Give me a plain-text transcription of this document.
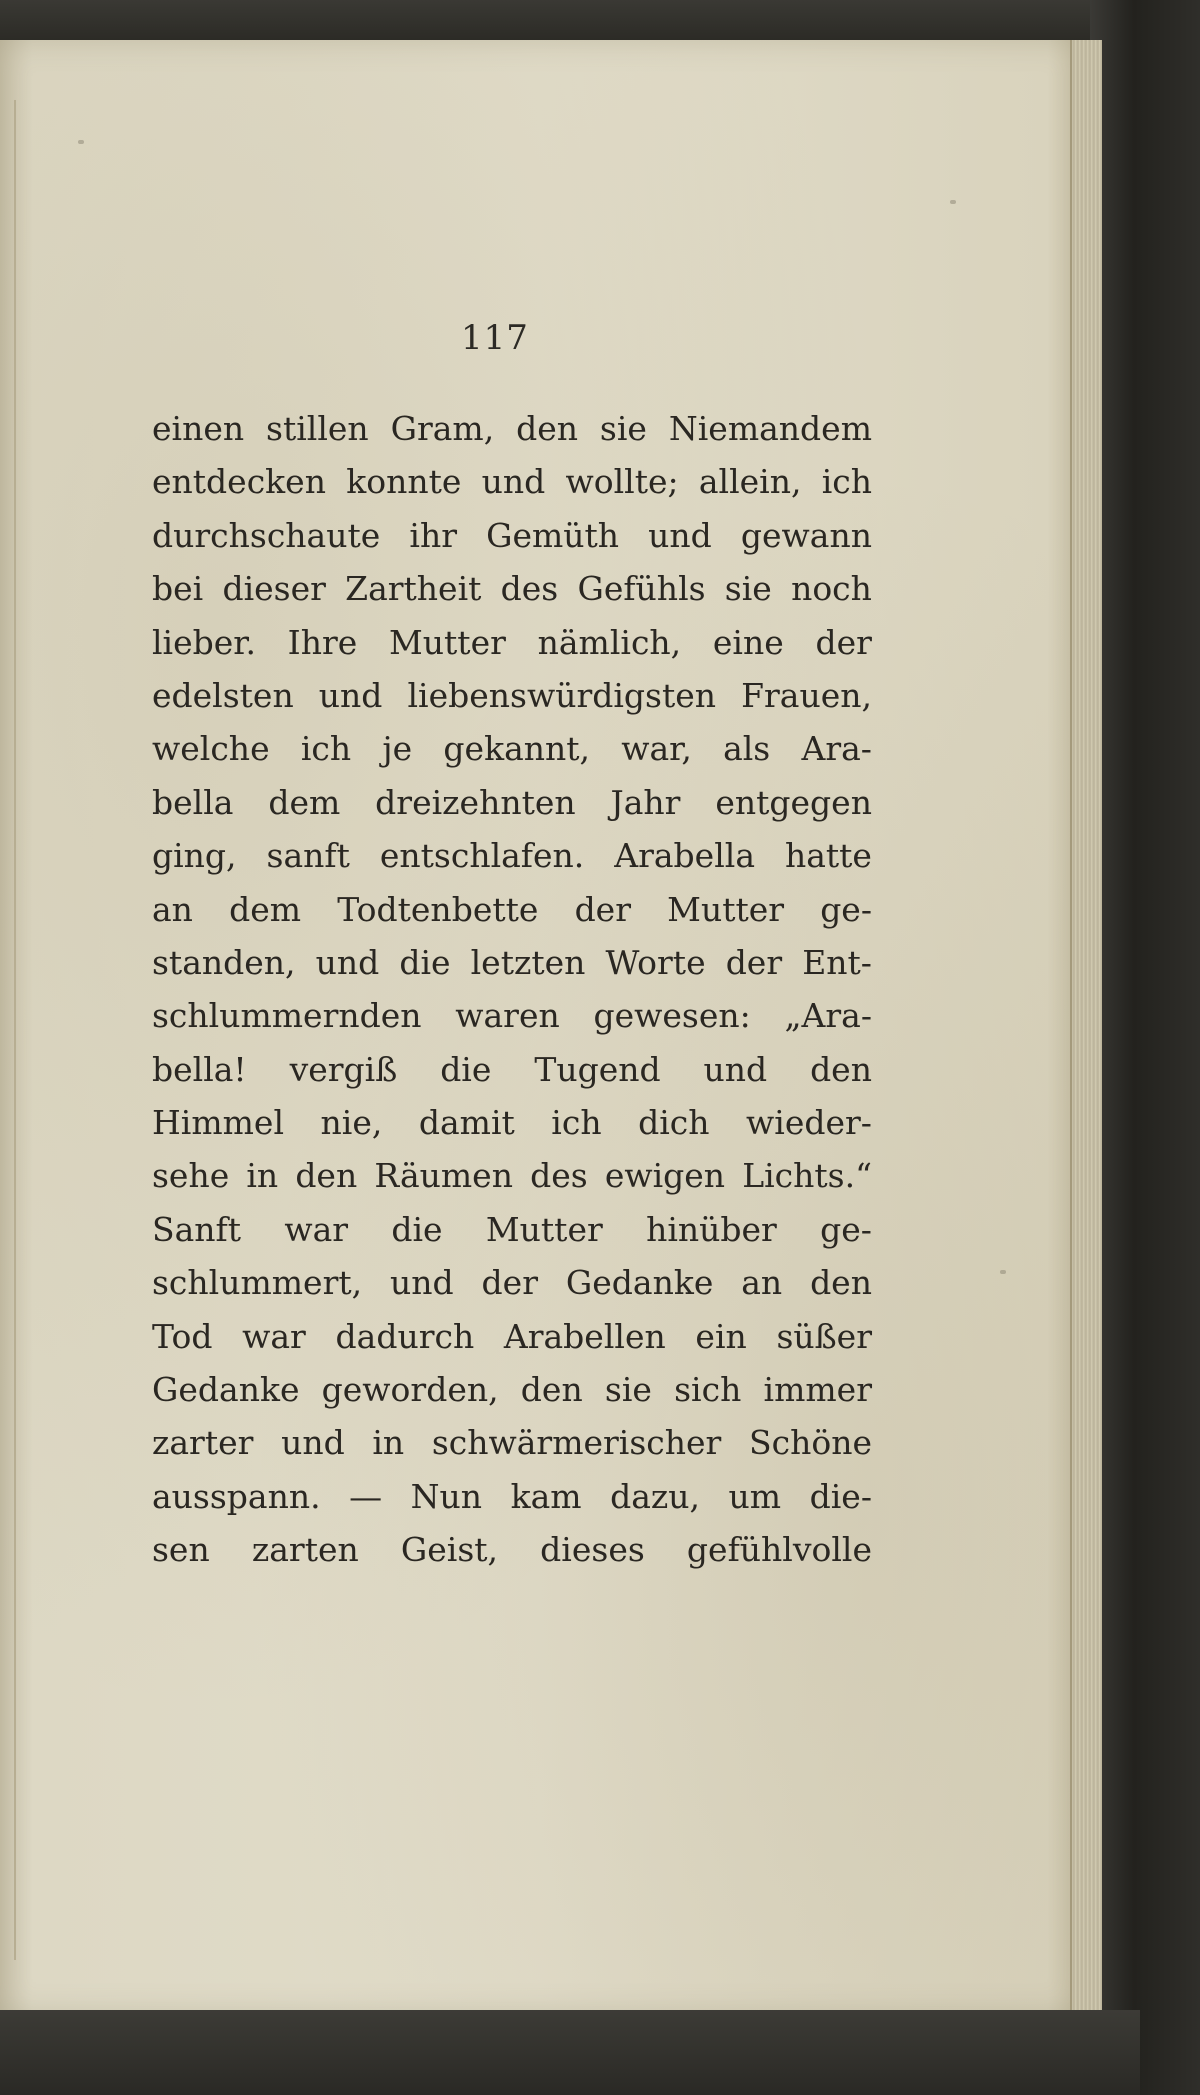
117
einen stillen Gram, den sie Niemandem
entdecken konnte und wollte; allein, ich
durchschaute ihr Gemüth und gewann
bei dieser Zartheit des Gefühls sie noch
lieber. Ihre Mutter nämlich, eine der
edelsten und liebenswürdigsten Frauen,
welche ich je gekannt, war, als Ara-
bella dem dreizehnten Jahr entgegen
ging, sanft entschlafen. Arabella hatte
an dem Todtenbette der Mutter ge-
standen, und die letzten Worte der Ent-
schlummernden waren gewesen: „Ara-
bella! vergiß die Tugend und den
Himmel nie, damit ich dich wieder-
sehe in den Räumen des ewigen Lichts.“
Sanft war die Mutter hinüber ge-
schlummert, und der Gedanke an den
Tod war dadurch Arabellen ein süßer
Gedanke geworden, den sie sich immer
zarter und in schwärmerischer Schöne
ausspann. — Nun kam dazu, um die-
sen zarten Geist, dieses gefühlvolle
